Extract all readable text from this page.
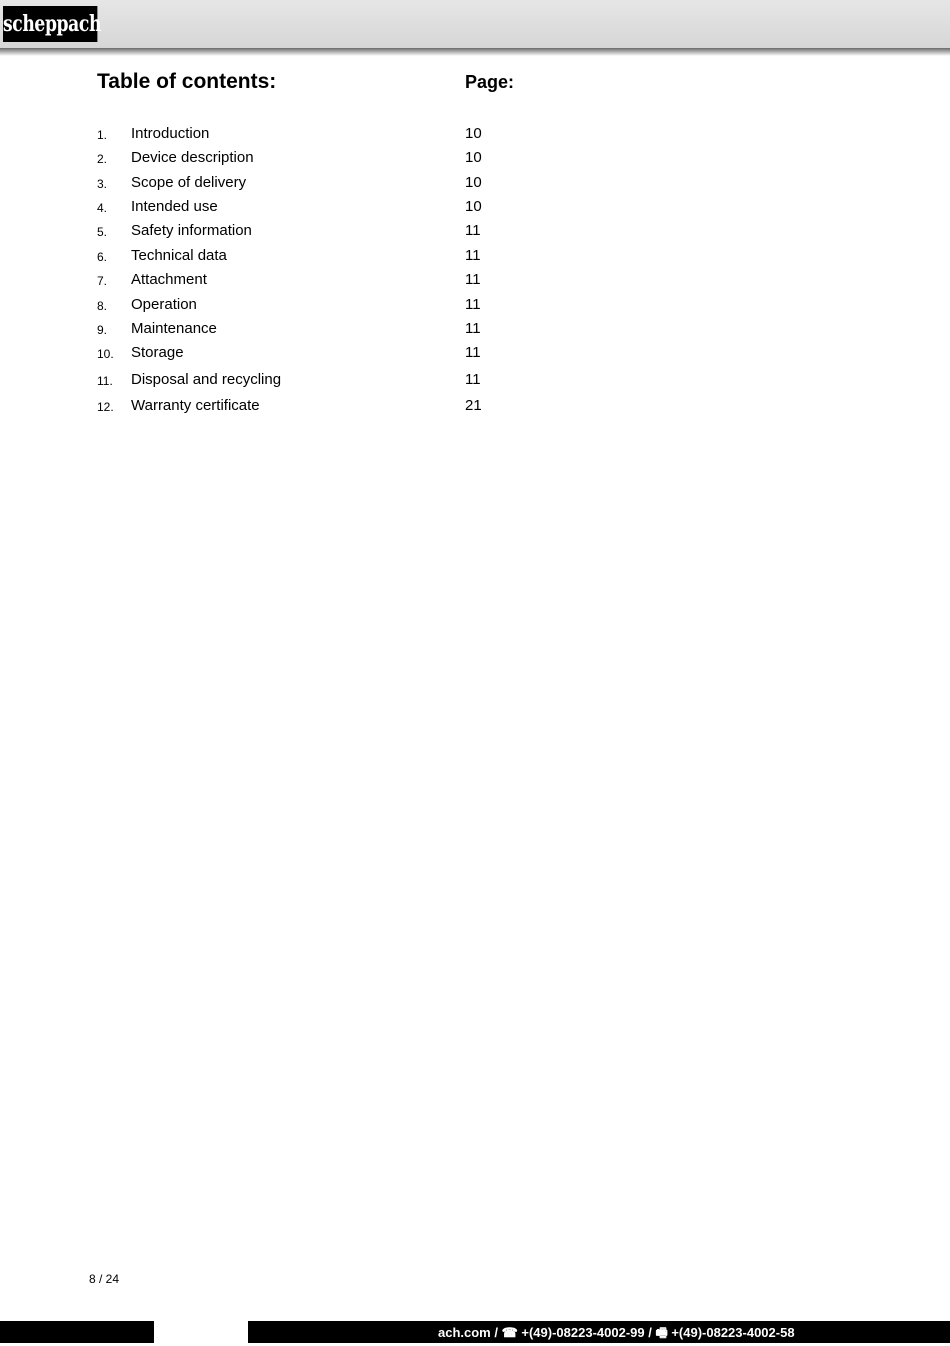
scheppach
Table of contents:	Page:
1. Introduction	10
2. Device description	10
3. Scope of delivery	10
4. Intended use	10
5. Safety information	11
6. Technical data	11
7. Attachment	11
8. Operation	11
9. Maintenance	11
10. Storage	11
11. Disposal and recycling	11
12. Warranty certificate	21
8 / 24
ach.com / ☎ +(49)-08223-4002-99 / 🖷 +(49)-08223-4002-58
